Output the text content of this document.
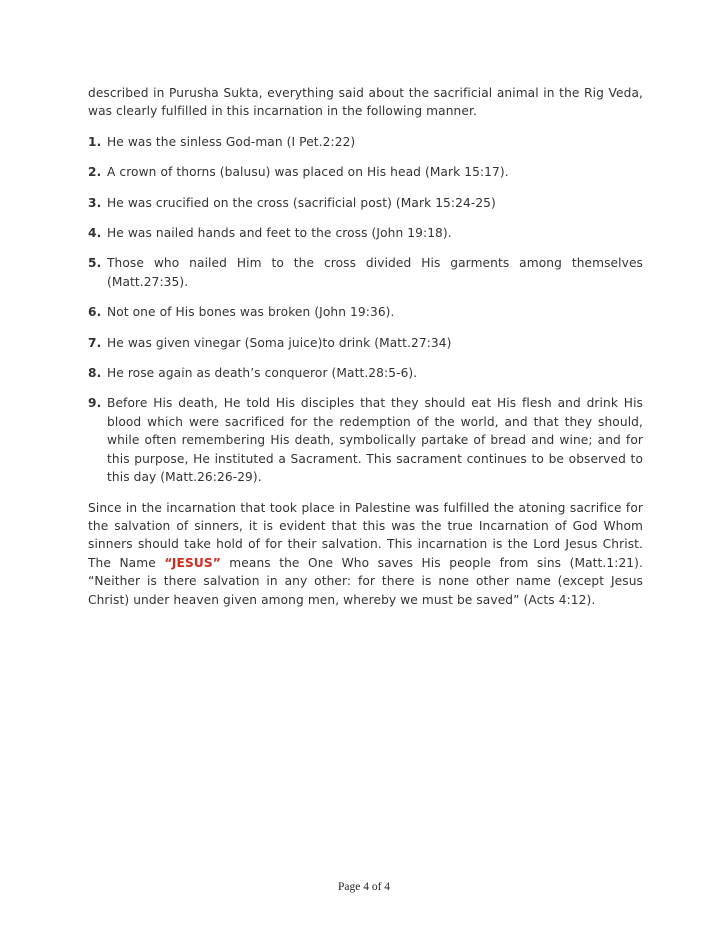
described in Purusha Sukta, everything said about the sacrificial animal in the Rig Veda, was clearly fulfilled in this incarnation in the following manner.

1. He was the sinless God-man (I Pet.2:22)
2. A crown of thorns (balusu) was placed on His head (Mark 15:17).
3. He was crucified on the cross (sacrificial post) (Mark 15:24-25)
4. He was nailed hands and feet to the cross (John 19:18).
5. Those who nailed Him to the cross divided His garments among themselves (Matt.27:35).
6. Not one of His bones was broken (John 19:36).
7. He was given vinegar (Soma juice)to drink (Matt.27:34)
8. He rose again as death’s conqueror (Matt.28:5-6).
9. Before His death, He told His disciples that they should eat His flesh and drink His blood which were sacrificed for the redemption of the world, and that they should, while often remembering His death, symbolically partake of bread and wine; and for this purpose, He instituted a Sacrament. This sacrament continues to be observed to this day (Matt.26:26-29).

Since in the incarnation that took place in Palestine was fulfilled the atoning sacrifice for the salvation of sinners, it is evident that this was the true Incarnation of God Whom sinners should take hold of for their salvation. This incarnation is the Lord Jesus Christ. The Name “JESUS” means the One Who saves His people from sins (Matt.1:21). “Neither is there salvation in any other: for there is none other name (except Jesus Christ) under heaven given among men, whereby we must be saved” (Acts 4:12).

Page 4 of 4
